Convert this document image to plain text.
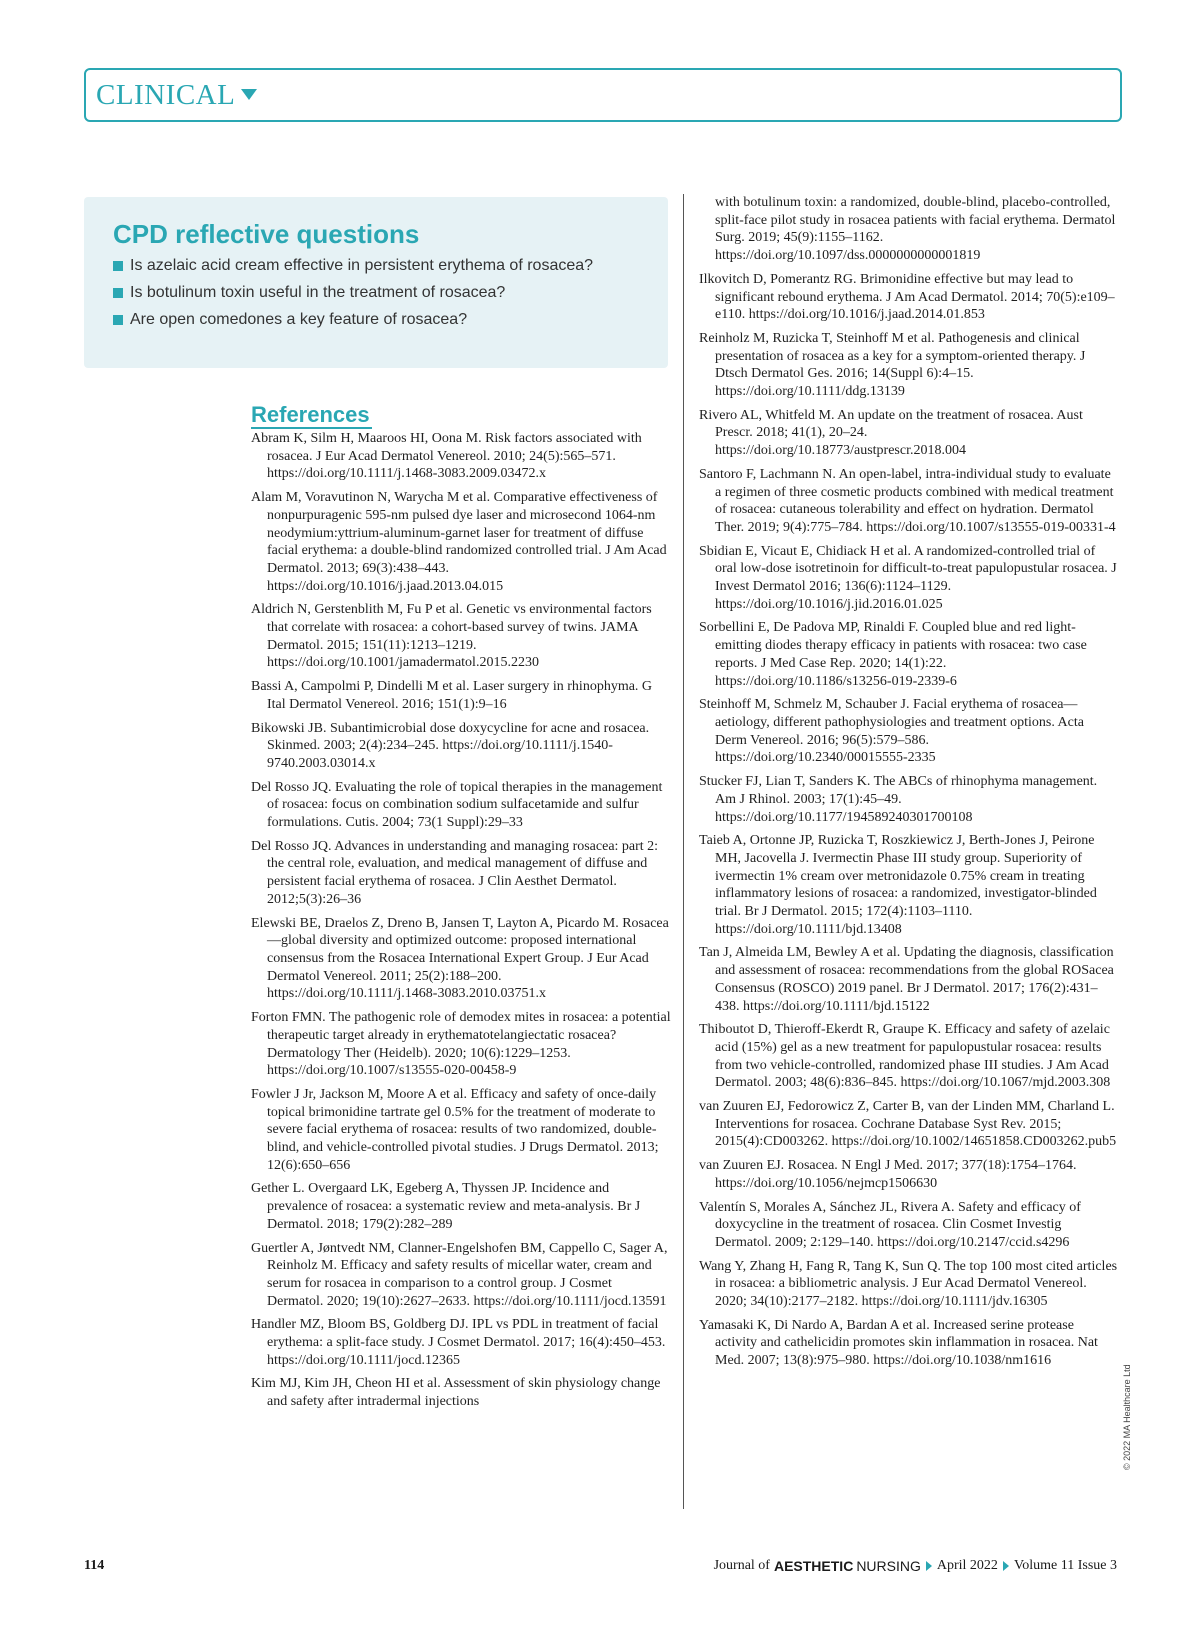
CLINICAL
CPD reflective questions
Is azelaic acid cream effective in persistent erythema of rosacea?
Is botulinum toxin useful in the treatment of rosacea?
Are open comedones a key feature of rosacea?
References
Abram K, Silm H, Maaroos HI, Oona M. Risk factors associated with rosacea. J Eur Acad Dermatol Venereol. 2010; 24(5):565–571. https://doi.org/10.1111/j.1468-3083.2009.03472.x
Alam M, Voravutinon N, Warycha M et al. Comparative effectiveness of nonpurpuragenic 595-nm pulsed dye laser and microsecond 1064-nm neodymium:yttrium-aluminum-garnet laser for treatment of diffuse facial erythema: a double-blind randomized controlled trial. J Am Acad Dermatol. 2013; 69(3):438–443. https://doi.org/10.1016/j.jaad.2013.04.015
Aldrich N, Gerstenblith M, Fu P et al. Genetic vs environmental factors that correlate with rosacea: a cohort-based survey of twins. JAMA Dermatol. 2015; 151(11):1213–1219. https://doi.org/10.1001/jamadermatol.2015.2230
Bassi A, Campolmi P, Dindelli M et al. Laser surgery in rhinophyma. G Ital Dermatol Venereol. 2016; 151(1):9–16
Bikowski JB. Subantimicrobial dose doxycycline for acne and rosacea. Skinmed. 2003; 2(4):234–245. https://doi.org/10.1111/j.1540-9740.2003.03014.x
Del Rosso JQ. Evaluating the role of topical therapies in the management of rosacea: focus on combination sodium sulfacetamide and sulfur formulations. Cutis. 2004; 73(1 Suppl):29–33
Del Rosso JQ. Advances in understanding and managing rosacea: part 2: the central role, evaluation, and medical management of diffuse and persistent facial erythema of rosacea. J Clin Aesthet Dermatol. 2012;5(3):26–36
Elewski BE, Draelos Z, Dreno B, Jansen T, Layton A, Picardo M. Rosacea—global diversity and optimized outcome: proposed international consensus from the Rosacea International Expert Group. J Eur Acad Dermatol Venereol. 2011; 25(2):188–200. https://doi.org/10.1111/j.1468-3083.2010.03751.x
Forton FMN. The pathogenic role of demodex mites in rosacea: a potential therapeutic target already in erythematotelangiectatic rosacea? Dermatology Ther (Heidelb). 2020; 10(6):1229–1253. https://doi.org/10.1007/s13555-020-00458-9
Fowler J Jr, Jackson M, Moore A et al. Efficacy and safety of once-daily topical brimonidine tartrate gel 0.5% for the treatment of moderate to severe facial erythema of rosacea: results of two randomized, double-blind, and vehicle-controlled pivotal studies. J Drugs Dermatol. 2013; 12(6):650–656
Gether L. Overgaard LK, Egeberg A, Thyssen JP. Incidence and prevalence of rosacea: a systematic review and meta-analysis. Br J Dermatol. 2018; 179(2):282–289
Guertler A, Jøntvedt NM, Clanner-Engelshofen BM, Cappello C, Sager A, Reinholz M. Efficacy and safety results of micellar water, cream and serum for rosacea in comparison to a control group. J Cosmet Dermatol. 2020; 19(10):2627–2633. https://doi.org/10.1111/jocd.13591
Handler MZ, Bloom BS, Goldberg DJ. IPL vs PDL in treatment of facial erythema: a split-face study. J Cosmet Dermatol. 2017; 16(4):450–453. https://doi.org/10.1111/jocd.12365
Kim MJ, Kim JH, Cheon HI et al. Assessment of skin physiology change and safety after intradermal injections
with botulinum toxin: a randomized, double-blind, placebo-controlled, split-face pilot study in rosacea patients with facial erythema. Dermatol Surg. 2019; 45(9):1155–1162. https://doi.org/10.1097/dss.0000000000001819
Ilkovitch D, Pomerantz RG. Brimonidine effective but may lead to significant rebound erythema. J Am Acad Dermatol. 2014; 70(5):e109–e110. https://doi.org/10.1016/j.jaad.2014.01.853
Reinholz M, Ruzicka T, Steinhoff M et al. Pathogenesis and clinical presentation of rosacea as a key for a symptom-oriented therapy. J Dtsch Dermatol Ges. 2016; 14(Suppl 6):4–15. https://doi.org/10.1111/ddg.13139
Rivero AL, Whitfeld M. An update on the treatment of rosacea. Aust Prescr. 2018; 41(1), 20–24. https://doi.org/10.18773/austprescr.2018.004
Santoro F, Lachmann N. An open-label, intra-individual study to evaluate a regimen of three cosmetic products combined with medical treatment of rosacea: cutaneous tolerability and effect on hydration. Dermatol Ther. 2019; 9(4):775–784. https://doi.org/10.1007/s13555-019-00331-4
Sbidian E, Vicaut E, Chidiack H et al. A randomized-controlled trial of oral low-dose isotretinoin for difficult-to-treat papulopustular rosacea. J Invest Dermatol 2016; 136(6):1124–1129. https://doi.org/10.1016/j.jid.2016.01.025
Sorbellini E, De Padova MP, Rinaldi F. Coupled blue and red light-emitting diodes therapy efficacy in patients with rosacea: two case reports. J Med Case Rep. 2020; 14(1):22. https://doi.org/10.1186/s13256-019-2339-6
Steinhoff M, Schmelz M, Schauber J. Facial erythema of rosacea—aetiology, different pathophysiologies and treatment options. Acta Derm Venereol. 2016; 96(5):579–586. https://doi.org/10.2340/00015555-2335
Stucker FJ, Lian T, Sanders K. The ABCs of rhinophyma management. Am J Rhinol. 2003; 17(1):45–49. https://doi.org/10.1177/194589240301700108
Taieb A, Ortonne JP, Ruzicka T, Roszkiewicz J, Berth-Jones J, Peirone MH, Jacovella J. Ivermectin Phase III study group. Superiority of ivermectin 1% cream over metronidazole 0.75% cream in treating inflammatory lesions of rosacea: a randomized, investigator-blinded trial. Br J Dermatol. 2015; 172(4):1103–1110. https://doi.org/10.1111/bjd.13408
Tan J, Almeida LM, Bewley A et al. Updating the diagnosis, classification and assessment of rosacea: recommendations from the global ROSacea Consensus (ROSCO) 2019 panel. Br J Dermatol. 2017; 176(2):431–438. https://doi.org/10.1111/bjd.15122
Thiboutot D, Thieroff-Ekerdt R, Graupe K. Efficacy and safety of azelaic acid (15%) gel as a new treatment for papulopustular rosacea: results from two vehicle-controlled, randomized phase III studies. J Am Acad Dermatol. 2003; 48(6):836–845. https://doi.org/10.1067/mjd.2003.308
van Zuuren EJ, Fedorowicz Z, Carter B, van der Linden MM, Charland L. Interventions for rosacea. Cochrane Database Syst Rev. 2015; 2015(4):CD003262. https://doi.org/10.1002/14651858.CD003262.pub5
van Zuuren EJ. Rosacea. N Engl J Med. 2017; 377(18):1754–1764. https://doi.org/10.1056/nejmcp1506630
Valentín S, Morales A, Sánchez JL, Rivera A. Safety and efficacy of doxycycline in the treatment of rosacea. Clin Cosmet Investig Dermatol. 2009; 2:129–140. https://doi.org/10.2147/ccid.s4296
Wang Y, Zhang H, Fang R, Tang K, Sun Q. The top 100 most cited articles in rosacea: a bibliometric analysis. J Eur Acad Dermatol Venereol. 2020; 34(10):2177–2182. https://doi.org/10.1111/jdv.16305
Yamasaki K, Di Nardo A, Bardan A et al. Increased serine protease activity and cathelicidin promotes skin inflammation in rosacea. Nat Med. 2007; 13(8):975–980. https://doi.org/10.1038/nm1616
© 2022 MA Healthcare Ltd
114	Journal of AESTHETIC NURSING April 2022 Volume 11 Issue 3
